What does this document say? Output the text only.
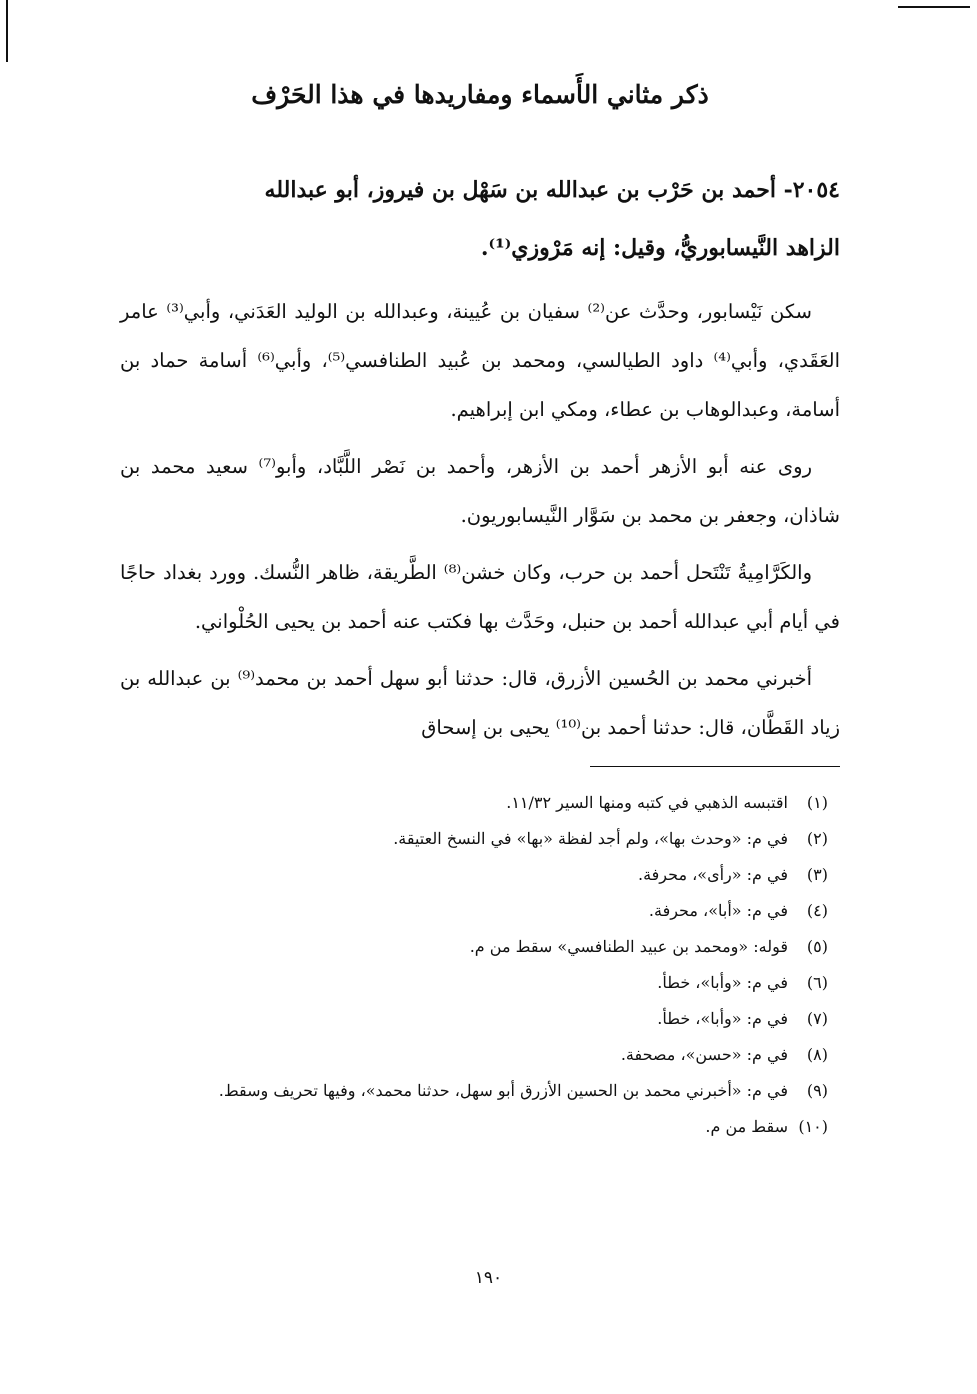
ذكر مثاني الأَسماء ومفاريدها في هذا الحَرْف
٢٠٥٤- أحمد بن حَرْب بن عبدالله بن سَهْل بن فيروز، أبو عبدالله
الزاهد النَّيسابوريُّ، وقيل: إنه مَرْوزي⁽¹⁾.

سكن نَيْسابور، وحدَّث عن⁽²⁾ سفيان بن عُيينة، وعبدالله بن الوليد العَدَني، وأبي⁽³⁾ عامر العَقَدي، وأبي⁽⁴⁾ داود الطيالسي، ومحمد بن عُبيد الطنافسي⁽⁵⁾، وأبي⁽⁶⁾ أسامة حماد بن أسامة، وعبدالوهاب بن عطاء، ومكي ابن إبراهيم.

روى عنه أبو الأزهر أحمد بن الأزهر، وأحمد بن نَصْر اللَّبَّاد، وأبو⁽⁷⁾ سعيد محمد بن شاذان، وجعفر بن محمد بن سَوَّار النَّيسابوريون.

والكَرَّامِيةُ تَنْتَحل أحمد بن حرب، وكان خشن⁽⁸⁾ الطَّريقة، ظاهر النُّسك. وورد بغداد حاجًا في أيام أبي عبدالله أحمد بن حنبل، وحَدَّث بها فكتب عنه أحمد بن يحيى الحُلْواني.

أخبرني محمد بن الحُسين الأزرق، قال: حدثنا أبو سهل أحمد بن محمد⁽⁹⁾ بن عبدالله بن زياد القَطَّان، قال: حدثنا أحمد بن⁽¹⁰⁾ يحيى بن إسحاق

(١)
اقتبسه الذهبي في كتبه ومنها السير ١١/٣٢.
(٢)
في م: «وحدث بها»، ولم أجد لفظة «بها» في النسخ العتيقة.
(٣)
في م: «رأى»، محرفة.
(٤)
في م: «أبا»، محرفة.
(٥)
قوله: «ومحمد بن عبيد الطنافسي» سقط من م.
(٦)
في م: «وأبا»، خطأ.
(٧)
في م: «وأبا»، خطأ.
(٨)
في م: «حسن»، مصحفة.
(٩)
في م: «أخبرني محمد بن الحسين الأزرق أبو سهل، حدثنا محمد»، وفيها تحريف وسقط.
(١٠)
سقط من م.
١٩٠
